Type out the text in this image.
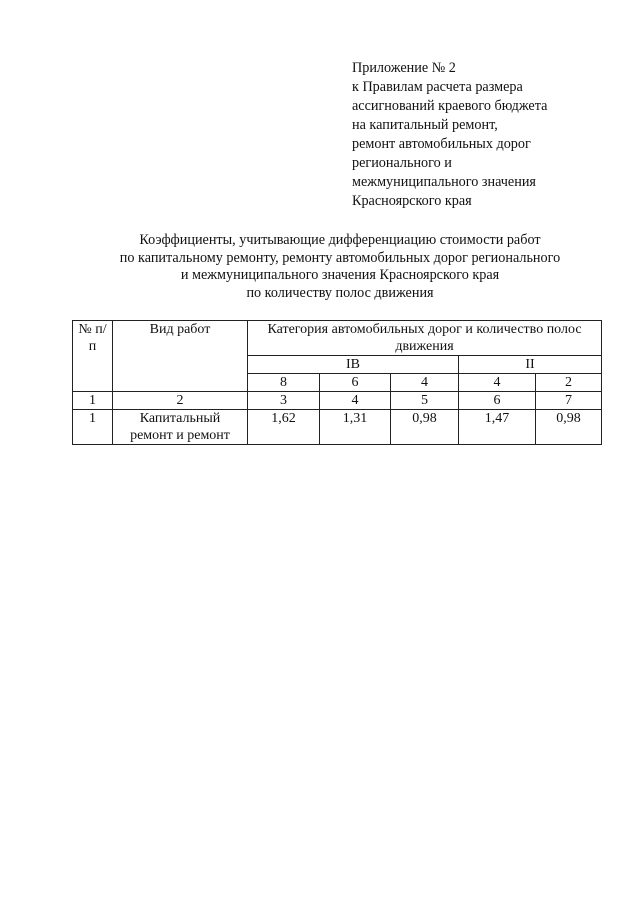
Приложение № 2
к Правилам расчета размера
ассигнований краевого бюджета
на капитальный ремонт,
ремонт автомобильных дорог
регионального и
межмуниципального значения
Красноярского края
Коэффициенты, учитывающие дифференциацию стоимости работ
по капитальному ремонту, ремонту автомобильных дорог регионального
и межмуниципального значения Красноярского края
по количеству полос движения
№ п/п	Вид работ	Категория автомобильных дорог и количество полос движения				
		IB			II	
		8	6	4	4	2
1	2	3	4	5	6	7
1	Капитальный ремонт и ремонт	1,62	1,31	0,98	1,47	0,98
